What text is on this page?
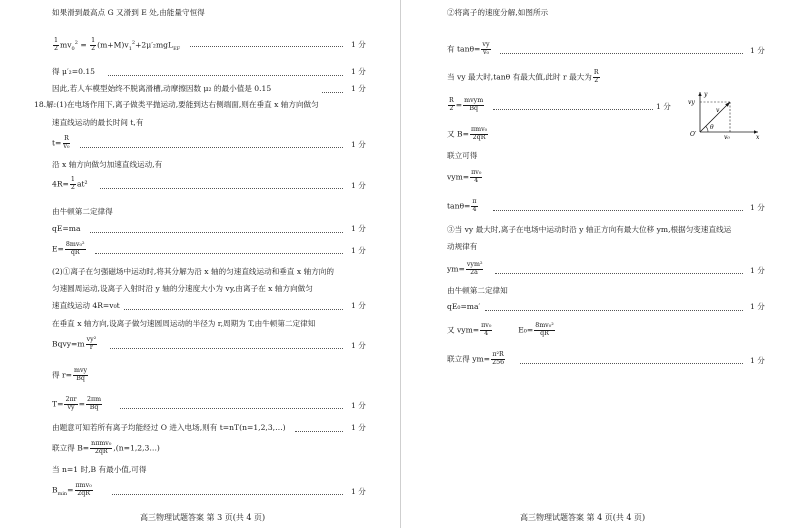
如果滑到最高点 G 又滑到 E 处,由能量守恒得
$\frac{1}{2} mv_0^2 = \frac{1}{2} (m+M)v_1^2+2\mu'_2mgL_{EF}$	1 分
得 μ′₂=0.15	1 分
因此,若人车模型始终不脱离滑槽,动摩擦因数 μ₂ 的最小值是 0.15	1 分
18.解:(1)在电场作用下,离子做类平抛运动,要能到达右侧端面,则在垂直 x 轴方向做匀
速直线运动的最长时间 t,有
$t= \frac{R}{\text{v₀}}$	1 分
沿 x 轴方向做匀加速直线运动,有
$4R= \frac{1}{2} at^2$	1 分
由牛顿第二定律得
qE=ma	1 分
$E= \frac{\text{8mv₀²}}{qR}$	1 分
(2)①离子在匀强磁场中运动时,将其分解为沿 x 轴的匀速直线运动和垂直 x 轴方向的
匀速圆周运动,设离子入射时沿 y 轴的分速度大小为 vy,由离子在 x 轴方向做匀
速直线运动 4R=v₀t	1 分
在垂直 x 轴方向,设离子做匀速圆周运动的半径为 r,周期为 T,由牛顿第二定律知
Bqvy=m $\frac{\text{vy²}}{r}$	1 分
得 $r= \frac{\text{mvy}}{Bq}$
$T= \frac{2\pi r}{vy} = \frac{2\pi m}{Bq}$	1 分
由题意可知若所有离子均能经过 O 进入电场,则有 t=nT(n=1,2,3,…)	1 分
联立得 $B= \frac{\text{nπmv₀}}{2qR}$ ,(n=1,2,3…)
当 n=1 时,B 有最小值,可得
$B_{min}= \frac{\text{πmv₀}}{2qR}$	1 分
高三物理试题答案 第 3 页(共 4 页)
②将离子的速度分解,如图所示
有 $\tan\theta= \frac{vy}{\text{v₀}}$	1 分
当 vy 最大时,tanθ 有最大值,此时 r 最大为 $\frac{R}{2}$
$\frac{R}{2} = \frac{\text{mvym}}{Bq}$	1 分
又 $B= \frac{\text{πmv₀}}{2qR}$
联立可得
$vym= \frac{\text{πv₀}}{4}$
$\tan\theta= \frac{\pi}{4}$	1 分
③当 vy 最大时,离子在电场中运动时沿 y 轴正方向有最大位移 ym,根据匀变速直线运
动规律有
$ym= \frac{\text{vym²}}{2a'}$	1 分
由牛顿第二定律知
qE₀=ma′	1 分
又 $vym= \frac{\text{πv₀}}{4}$	$E_0= \frac{\text{8mv₀²}}{qR}$
联立得 $ym= \frac{\text{π²R}}{256}$	1 分
vy
y
v
θ
O′	v₀	x
高三物理试题答案 第 4 页(共 4 页)
